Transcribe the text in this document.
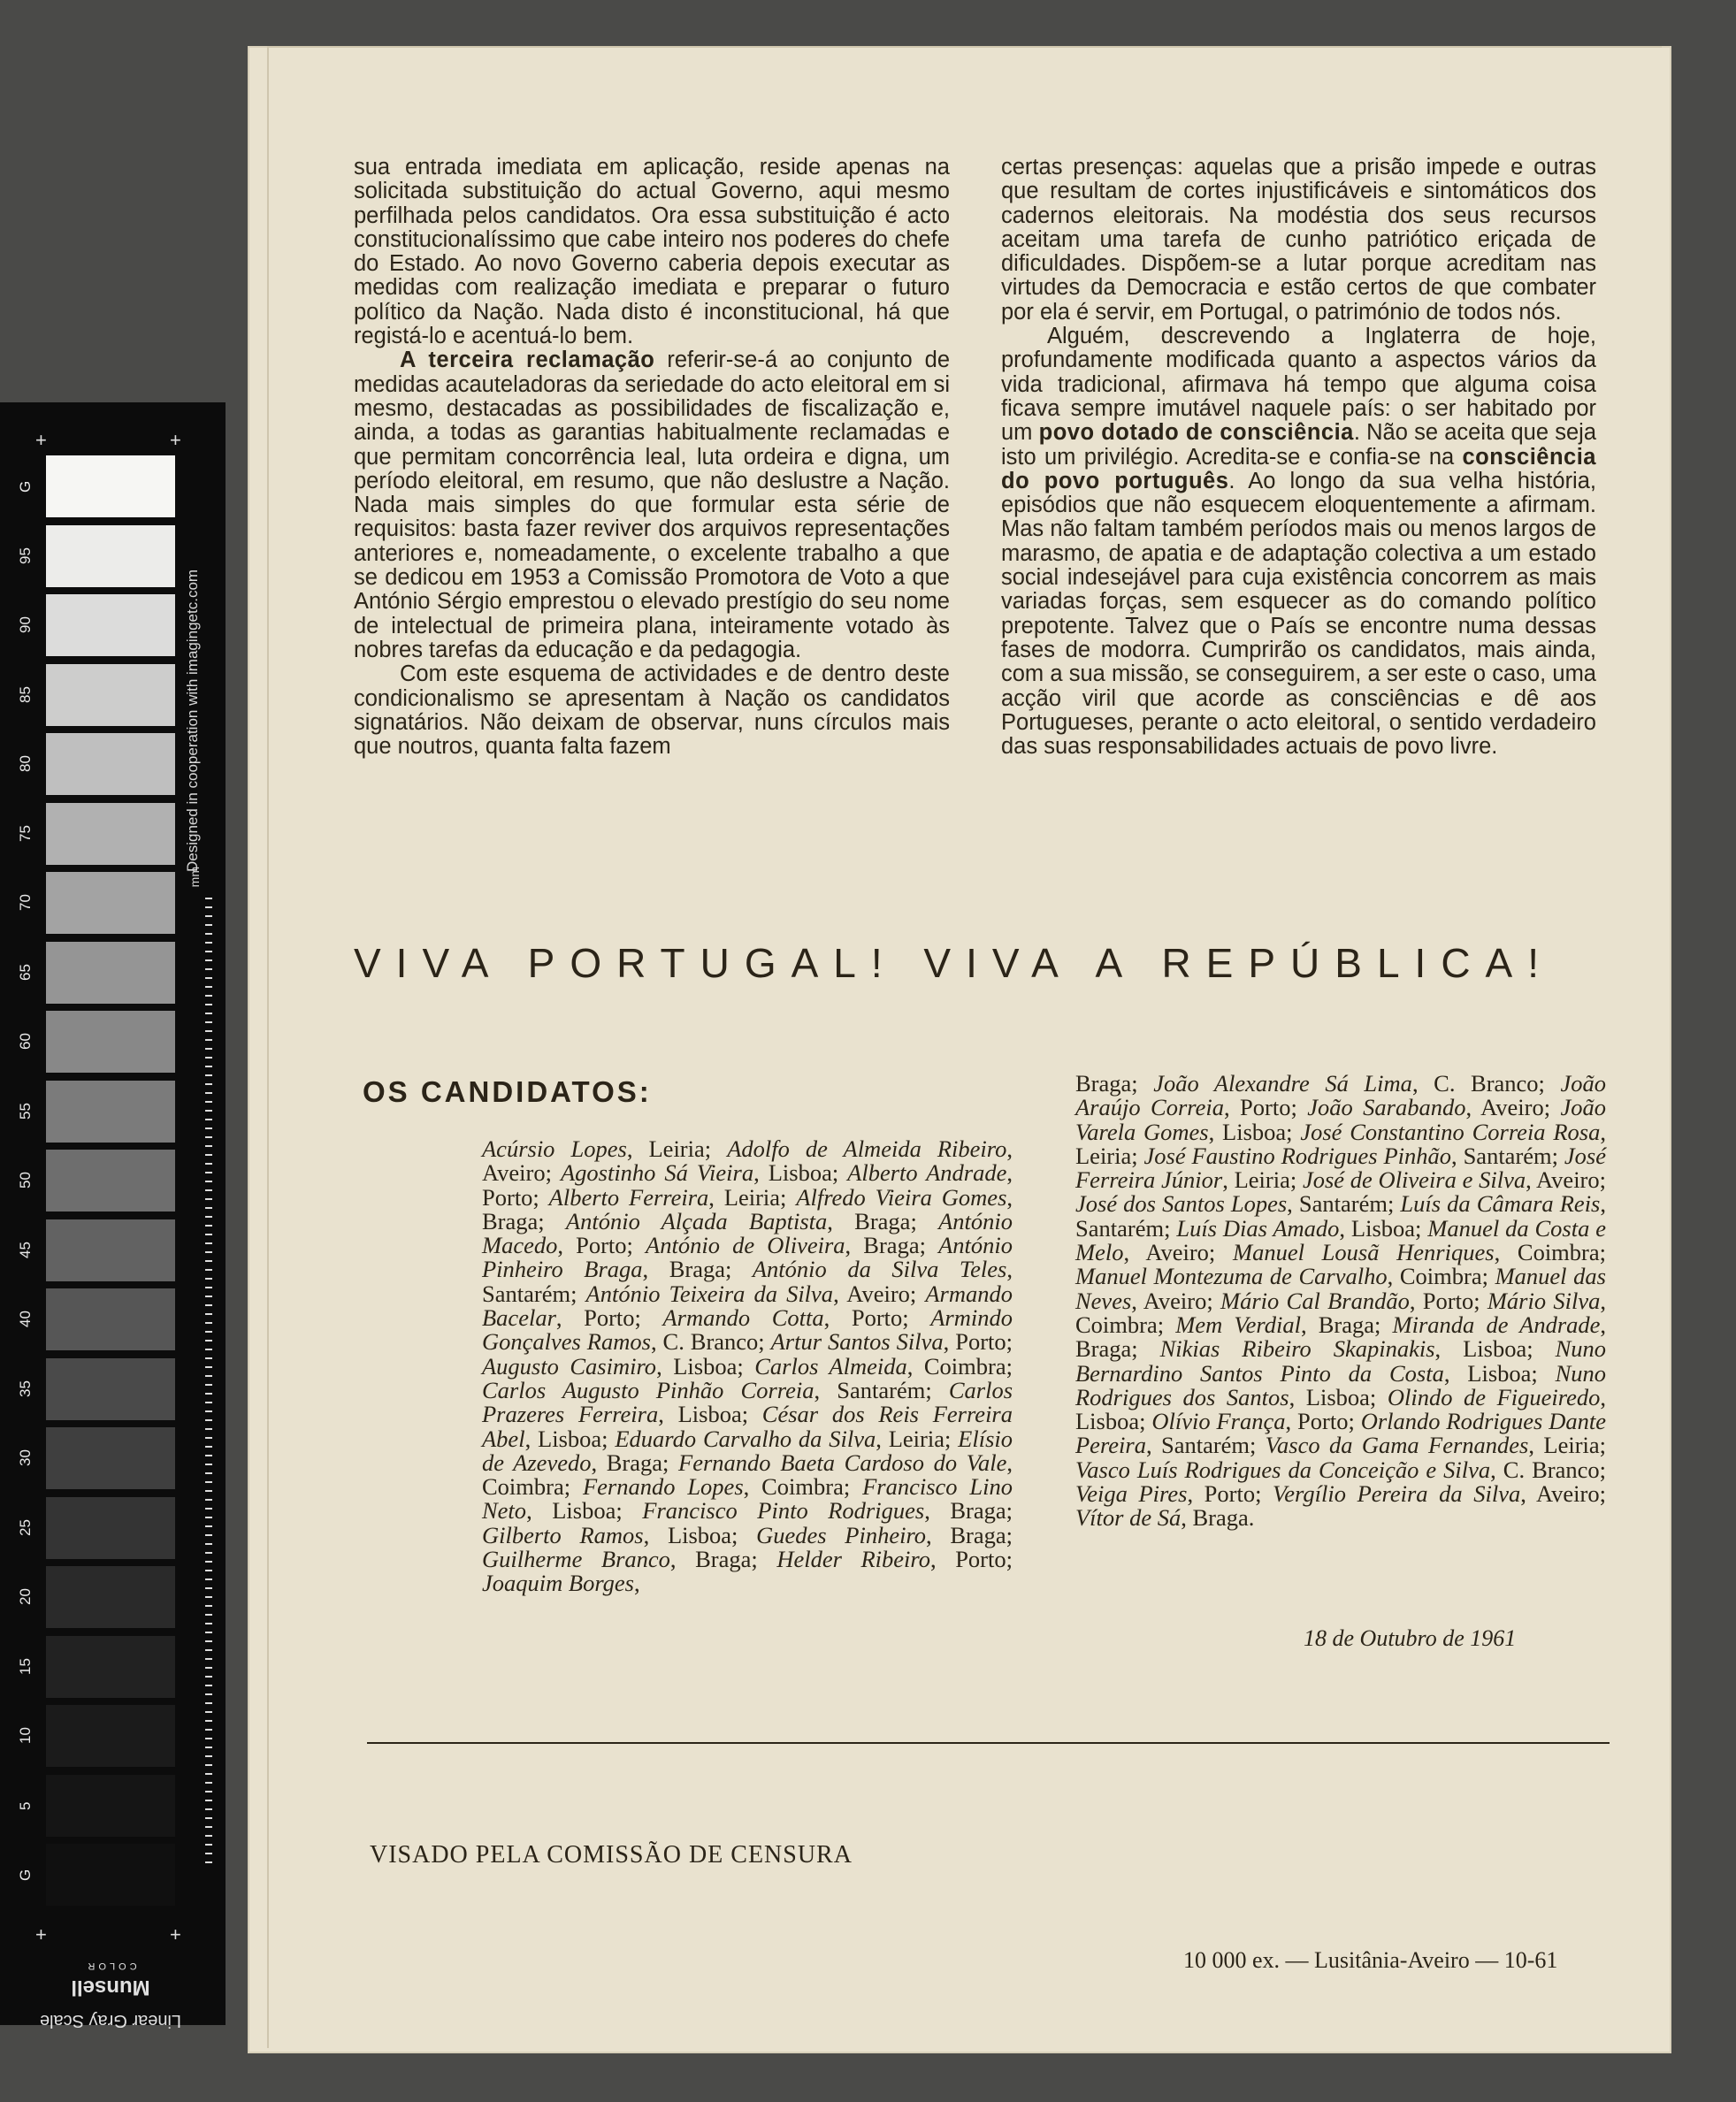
G
95
90
85
80
75
70
65
60
55
50
45
40
35
30
25
20
15
10
5
G
+	+
+	+
Designed in cooperation with imagingetc.com
mm
Linear Gray Scale
Munsell
COLOR

sua entrada imediata em aplicação, reside apenas na solicitada substituição do actual Governo, aqui mesmo perfilhada pelos candidatos. Ora essa substituição é acto constitucionalíssimo que cabe inteiro nos poderes do chefe do Estado. Ao novo Governo caberia depois executar as medidas com realização imediata e preparar o futuro político da Nação. Nada disto é inconstitucional, há que registá-lo e acentuá-lo bem.

A terceira reclamação referir-se-á ao conjunto de medidas acauteladoras da seriedade do acto eleitoral em si mesmo, destacadas as possibilidades de fiscalização e, ainda, a todas as garantias habitualmente reclamadas e que permitam concorrência leal, luta ordeira e digna, um período eleitoral, em resumo, que não deslustre a Nação. Nada mais simples do que formular esta série de requisitos: basta fazer reviver dos arquivos representações anteriores e, nomeadamente, o excelente trabalho a que se dedicou em 1953 a Comissão Promotora de Voto a que António Sérgio emprestou o elevado prestígio do seu nome de intelectual de primeira plana, inteiramente votado às nobres tarefas da educação e da pedagogia.

Com este esquema de actividades e de dentro deste condicionalismo se apresentam à Nação os candidatos signatários. Não deixam de observar, nuns círculos mais que noutros, quanta falta fazem

certas presenças: aquelas que a prisão impede e outras que resultam de cortes injustificáveis e sintomáticos dos cadernos eleitorais. Na modéstia dos seus recursos aceitam uma tarefa de cunho patriótico eriçada de dificuldades. Dispõem-se a lutar porque acreditam nas virtudes da Democracia e estão certos de que combater por ela é servir, em Portugal, o património de todos nós.

Alguém, descrevendo a Inglaterra de hoje, profundamente modificada quanto a aspectos vários da vida tradicional, afirmava há tempo que alguma coisa ficava sempre imutável naquele país: o ser habitado por um povo dotado de consciência. Não se aceita que seja isto um privilégio. Acredita-se e confia-se na consciência do povo português. Ao longo da sua velha história, episódios que não esquecem eloquentemente a afirmam. Mas não faltam também períodos mais ou menos largos de marasmo, de apatia e de adaptação colectiva a um estado social indesejável para cuja existência concorrem as mais variadas forças, sem esquecer as do comando político prepotente. Talvez que o País se encontre numa dessas fases de modorra. Cumprirão os candidatos, mais ainda, com a sua missão, se conseguirem, a ser este o caso, uma acção viril que acorde as consciências e dê aos Portugueses, perante o acto eleitoral, o sentido verdadeiro das suas responsabilidades actuais de povo livre.

VIVA PORTUGAL! VIVA A REPÚBLICA!
OS CANDIDATOS:
Acúrsio Lopes, Leiria; Adolfo de Almeida Ribeiro, Aveiro; Agostinho Sá Vieira, Lisboa; Alberto Andrade, Porto; Alberto Ferreira, Leiria; Alfredo Vieira Gomes, Braga; António Alçada Baptista, Braga; António Macedo, Porto; António de Oliveira, Braga; António Pinheiro Braga, Braga; António da Silva Teles, Santarém; António Teixeira da Silva, Aveiro; Armando Bacelar, Porto; Armando Cotta, Porto; Armindo Gonçalves Ramos, C. Branco; Artur Santos Silva, Porto; Augusto Casimiro, Lisboa; Carlos Almeida, Coimbra; Carlos Augusto Pinhão Correia, Santarém; Carlos Prazeres Ferreira, Lisboa; César dos Reis Ferreira Abel, Lisboa; Eduardo Carvalho da Silva, Leiria; Elísio de Azevedo, Braga; Fernando Baeta Cardoso do Vale, Coimbra; Fernando Lopes, Coimbra; Francisco Lino Neto, Lisboa; Francisco Pinto Rodrigues, Braga; Gilberto Ramos, Lisboa; Guedes Pinheiro, Braga; Guilherme Branco, Braga; Helder Ribeiro, Porto; Joaquim Borges,
Braga; João Alexandre Sá Lima, C. Branco; João Araújo Correia, Porto; João Sarabando, Aveiro; João Varela Gomes, Lisboa; José Constantino Correia Rosa, Leiria; José Faustino Rodrigues Pinhão, Santarém; José Ferreira Júnior, Leiria; José de Oliveira e Silva, Aveiro; José dos Santos Lopes, Santarém; Luís da Câmara Reis, Santarém; Luís Dias Amado, Lisboa; Manuel da Costa e Melo, Aveiro; Manuel Lousã Henriques, Coimbra; Manuel Montezuma de Carvalho, Coimbra; Manuel das Neves, Aveiro; Mário Cal Brandão, Porto; Mário Silva, Coimbra; Mem Verdial, Braga; Miranda de Andrade, Braga; Nikias Ribeiro Skapinakis, Lisboa; Nuno Bernardino Santos Pinto da Costa, Lisboa; Nuno Rodrigues dos Santos, Lisboa; Olindo de Figueiredo, Lisboa; Olívio França, Porto; Orlando Rodrigues Dante Pereira, Santarém; Vasco da Gama Fernandes, Leiria; Vasco Luís Rodrigues da Conceição e Silva, C. Branco; Veiga Pires, Porto; Vergílio Pereira da Silva, Aveiro; Vítor de Sá, Braga.
18 de Outubro de 1961
VISADO PELA COMISSÃO DE CENSURA
10 000 ex. — Lusitânia-Aveiro — 10-61
